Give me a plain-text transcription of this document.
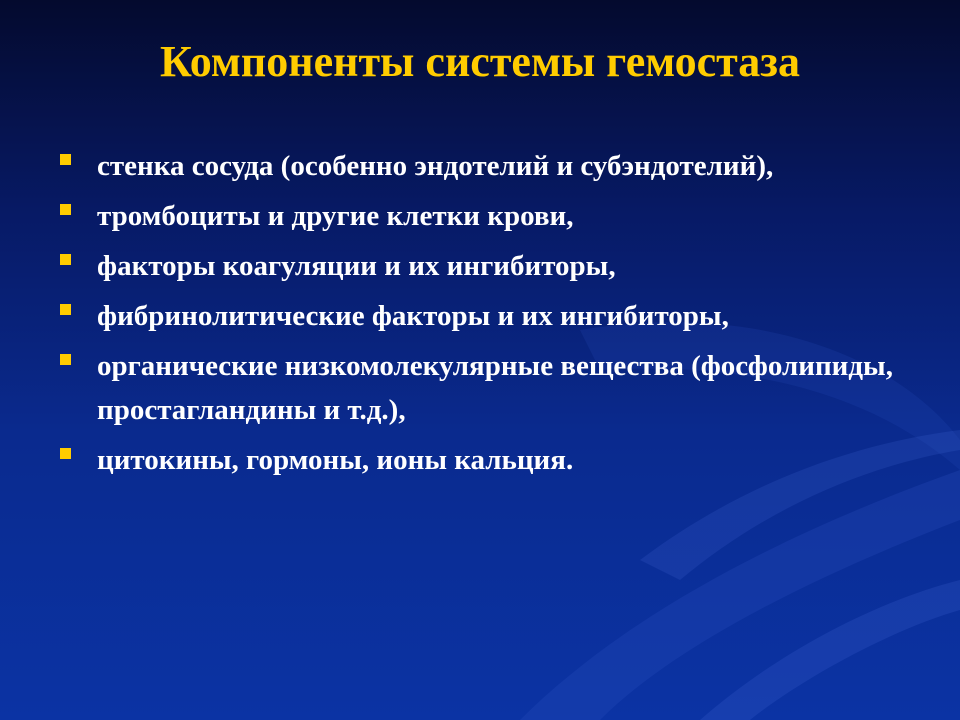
Компоненты системы гемостаза
стенка сосуда (особенно эндотелий и субэндотелий),
тромбоциты и другие клетки крови,
факторы коагуляции и их ингибиторы,
фибринолитические факторы и их ингибиторы,
органические низкомолекулярные вещества (фосфолипиды, простагландины и т.д.),
цитокины, гормоны, ионы кальция.
